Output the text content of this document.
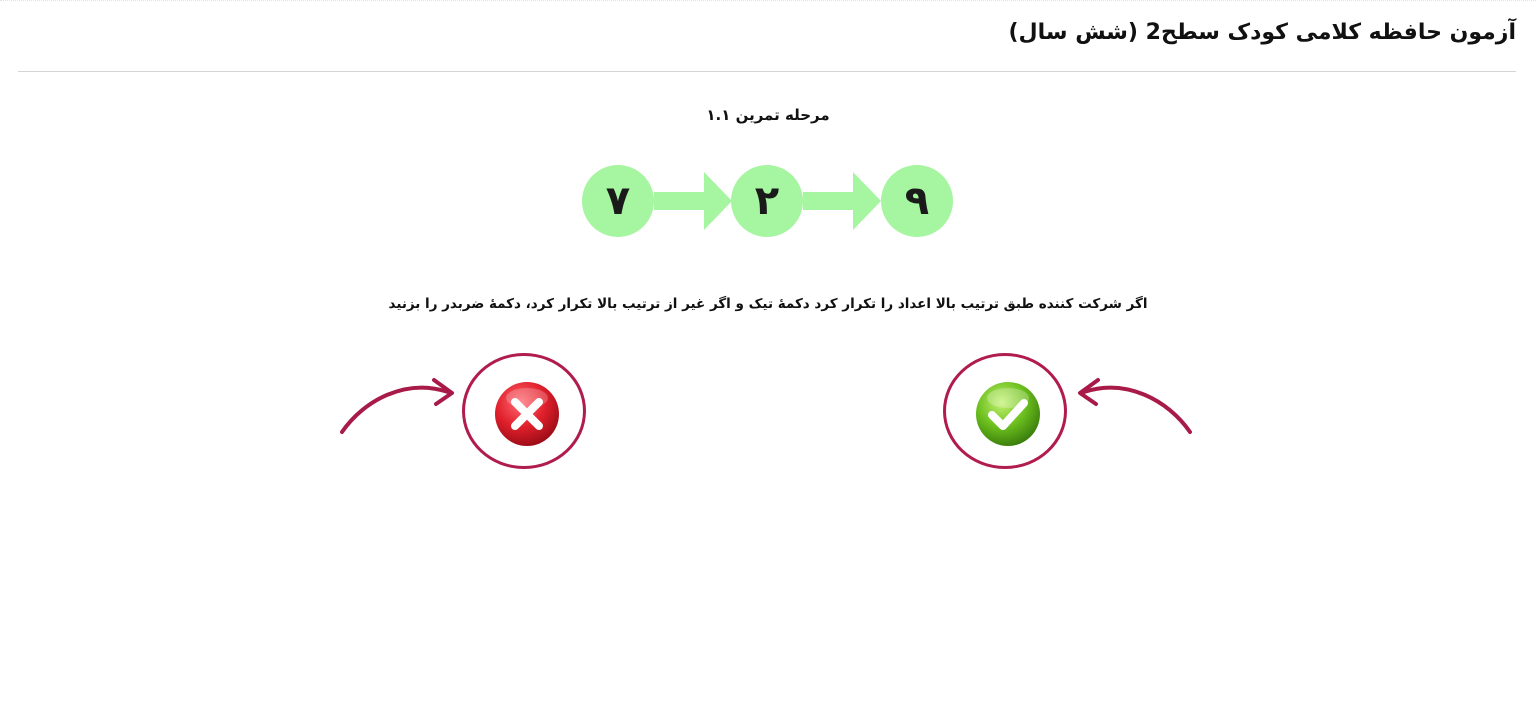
آزمون حافظه کلامی کودک سطح2 (شش سال)
مرحله تمرین ۱.۱
۷	۲	۹
اگر شرکت کننده طبق ترتیب بالا اعداد را تکرار کرد دکمۀ تیک و اگر غیر از ترتیب بالا تکرار کرد، دکمۀ ضربدر را بزنید
